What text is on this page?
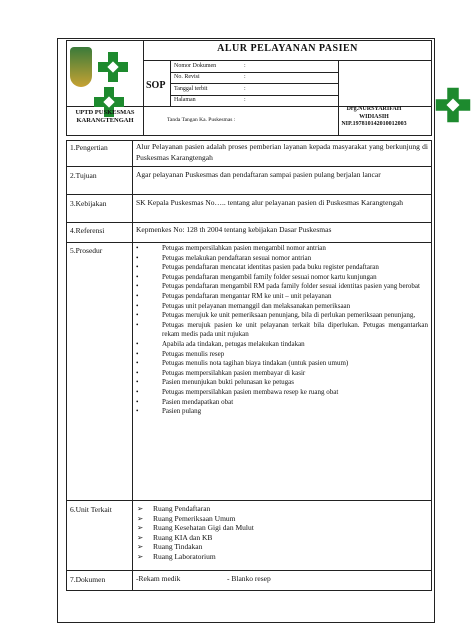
ALUR PELAYANAN PASIEN
SOP
Nomor Dokumen	:
No. Revisi	:
Tanggal terbit	:
Halaman	:
UPTD PUSKESMAS
KARANGTENGAH	Tanda Tangan Ka. Puskesmas :
Drg.NURSYARIFAH
WIDIASIH
NIP.197810142010012003
1.Pengertian	Alur Pelayanan pasien adalah proses pemberian layanan kepada masyarakat yang berkunjung di Puskesmas Karangtengah
2.Tujuan	Agar pelayanan Puskesmas dan pendaftaran sampai pasien pulang berjalan lancar
3.Kebijakan	SK Kepala Puskesmas No….. tentang alur pelayanan pasien di Puskesmas Karangtengah
4.Referensi	Kepmenkes No: 128 th 2004 tentang kebijakan Dasar Puskesmas
5.Prosedur	•	Petugas mempersilahkan pasien mengambil nomor antrian
•	Petugas melakukan pendaftaran sesuai nomor antrian
•	Petugas pendaftaran mencatat identitas pasien pada buku register pendaftaran
•	Petugas pendaftaran mengambil family folder sesuai nomor kartu kunjungan
•	Petugas pendaftaran mengambil RM pada family folder sesuai identitas pasien yang berobat
•	Petugas pendaftaran mengantar RM ke unit – unit pelayanan
•	Petugas unit pelayanan memanggil dan melaksanakan pemeriksaan
•	Petugas merujuk ke unit pemeriksaan penunjang, bila di perlukan pemeriksaan penunjang,
•	Petugas merujuk pasien ke unit pelayanan terkait bila diperlukan. Petugas mengantarkan rekam medis pada unit rujukan
•	Apabila ada tindakan, petugas melakukan tindakan
•	Petugas menulis resep
•	Petugas menulis nota tagihan biaya tindakan (untuk pasien umum)
•	Petugas mempersilahkan pasien membayar di kasir
•	Pasien menunjukan bukti pelunasan ke petugas
•	Petugas mempersilahkan pasien membawa resep ke ruang obat
•	Pasien mendapatkan obat
•	Pasien pulang
6.Unit Terkait	➢ Ruang Pendaftaran
➢ Ruang Pemeriksaan Umum
➢ Ruang Kesehatan Gigi dan Mulut
➢ Ruang KIA dan KB
➢ Ruang Tindakan
➢ Ruang Laboratorium
7.Dokumen	-Rekam medik	- Blanko resep
